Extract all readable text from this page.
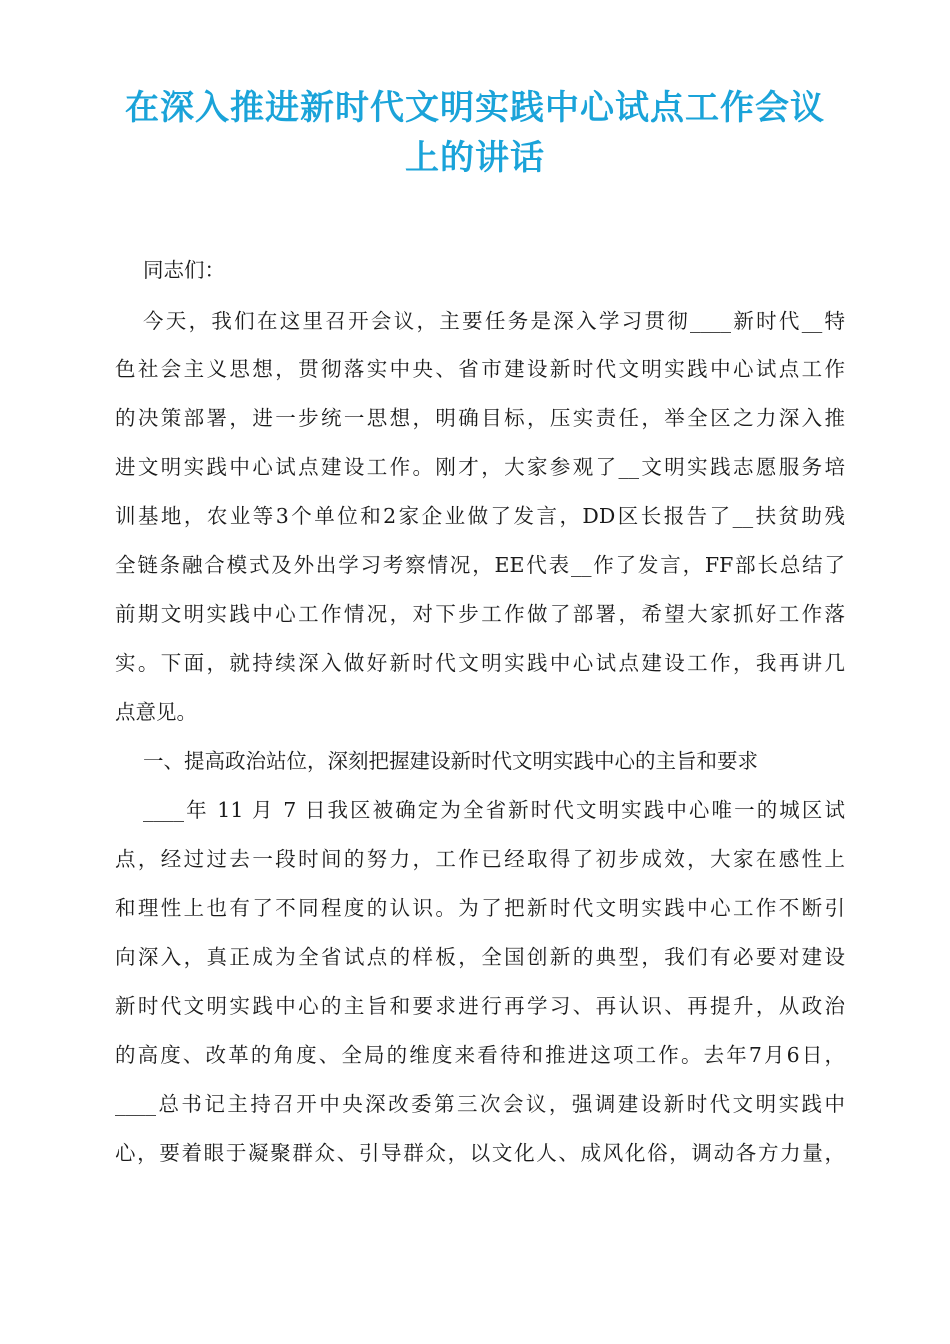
在深入推进新时代文明实践中心试点工作会议
上的讲话
同志们：
今天，我们在这里召开会议，主要任务是深入学习贯彻____新时代__特
色社会主义思想，贯彻落实中央、省市建设新时代文明实践中心试点工作
的决策部署，进一步统一思想，明确目标，压实责任，举全区之力深入推
进文明实践中心试点建设工作。刚才，大家参观了__文明实践志愿服务培
训基地，农业等3个单位和2家企业做了发言，DD区长报告了__扶贫助残
全链条融合模式及外出学习考察情况，EE代表__作了发言，FF部长总结了
前期文明实践中心工作情况，对下步工作做了部署，希望大家抓好工作落
实。下面，就持续深入做好新时代文明实践中心试点建设工作，我再讲几
点意见。
一、提高政治站位，深刻把握建设新时代文明实践中心的主旨和要求
____年 11 月 7 日我区被确定为全省新时代文明实践中心唯一的城区试
点，经过过去一段时间的努力，工作已经取得了初步成效，大家在感性上
和理性上也有了不同程度的认识。为了把新时代文明实践中心工作不断引
向深入，真正成为全省试点的样板，全国创新的典型，我们有必要对建设
新时代文明实践中心的主旨和要求进行再学习、再认识、再提升，从政治
的高度、改革的角度、全局的维度来看待和推进这项工作。去年7月6日，
____总书记主持召开中央深改委第三次会议，强调建设新时代文明实践中
心，要着眼于凝聚群众、引导群众，以文化人、成风化俗，调动各方力量，
